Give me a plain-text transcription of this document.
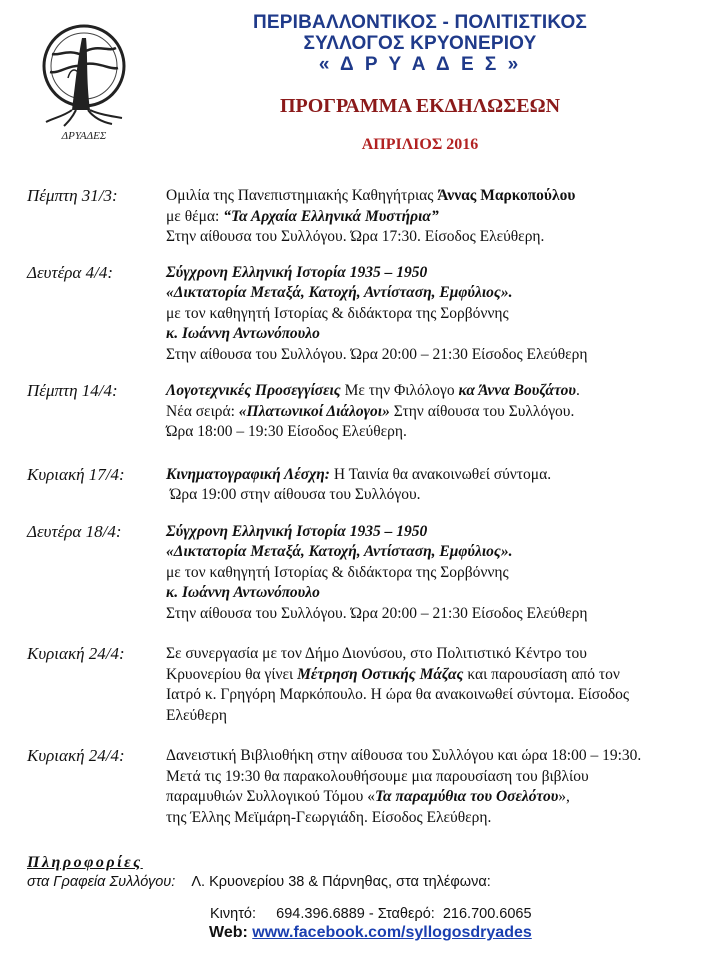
ΔΡΥΑΔΕΣ
ΠΕΡΙΒΑΛΛΟΝΤΙΚΟΣ - ΠΟΛΙΤΙΣΤΙΚΟΣ
ΣΥΛΛΟΓΟΣ ΚΡΥΟΝΕΡΙΟΥ
« Δ Ρ Υ Α Δ Ε Σ »
ΠΡΟΓΡΑΜΜΑ ΕΚΔΗΛΩΣΕΩΝ
ΑΠΡΙΛΙΟΣ 2016
Πέμπτη 31/3:	Ομιλία της Πανεπιστημιακής Καθηγήτριας Άννας Μαρκοπούλου
με θέμα: “Τα Αρχαία Ελληνικά Μυστήρια”
Στην αίθουσα του Συλλόγου. Ώρα 17:30. Είσοδος Ελεύθερη.
Δευτέρα 4/4:	Σύγχρονη Ελληνική Ιστορία 1935 – 1950
«Δικτατορία Μεταξά, Κατοχή, Αντίσταση, Εμφύλιος».
με τον καθηγητή Ιστορίας & διδάκτορα της Σορβόννης
κ. Ιωάννη Αντωνόπουλο
Στην αίθουσα του Συλλόγου. Ώρα 20:00 – 21:30 Είσοδος Ελεύθερη
Πέμπτη 14/4:	Λογοτεχνικές Προσεγγίσεις Με την Φιλόλογο κα Άννα Βουζάτου.
Νέα σειρά: «Πλατωνικοί Διάλογοι» Στην αίθουσα του Συλλόγου.
Ώρα 18:00 – 19:30 Είσοδος Ελεύθερη.
Κυριακή 17/4:	Κινηματογραφική Λέσχη: Η Ταινία θα ανακοινωθεί σύντομα.
Ώρα 19:00 στην αίθουσα του Συλλόγου.
Δευτέρα 18/4:	Σύγχρονη Ελληνική Ιστορία 1935 – 1950
«Δικτατορία Μεταξά, Κατοχή, Αντίσταση, Εμφύλιος».
με τον καθηγητή Ιστορίας & διδάκτορα της Σορβόννης
κ. Ιωάννη Αντωνόπουλο
Στην αίθουσα του Συλλόγου. Ώρα 20:00 – 21:30 Είσοδος Ελεύθερη
Κυριακή 24/4:	Σε συνεργασία με τον Δήμο Διονύσου, στο Πολιτιστικό Κέντρο του
Κρυονερίου θα γίνει Μέτρηση Οστικής Μάζας και παρουσίαση από τον
Ιατρό κ. Γρηγόρη Μαρκόπουλο. Η ώρα θα ανακοινωθεί σύντομα. Είσοδος
Ελεύθερη
Κυριακή 24/4:	Δανειστική Βιβλιοθήκη στην αίθουσα του Συλλόγου και ώρα 18:00 – 19:30.
Μετά τις 19:30 θα παρακολουθήσουμε μια παρουσίαση του βιβλίου
παραμυθιών Συλλογικού Τόμου «Τα παραμύθια του Οσελότου»,
της Έλλης Μεϊμάρη-Γεωργιάδη. Είσοδος Ελεύθερη.
Πληροφορίες
στα Γραφεία Συλλόγου: Λ. Κρυονερίου 38 & Πάρνηθας, στα τηλέφωνα:
Κινητό:     694.396.6889 - Σταθερό:  216.700.6065
Web: www.facebook.com/syllogosdryades
